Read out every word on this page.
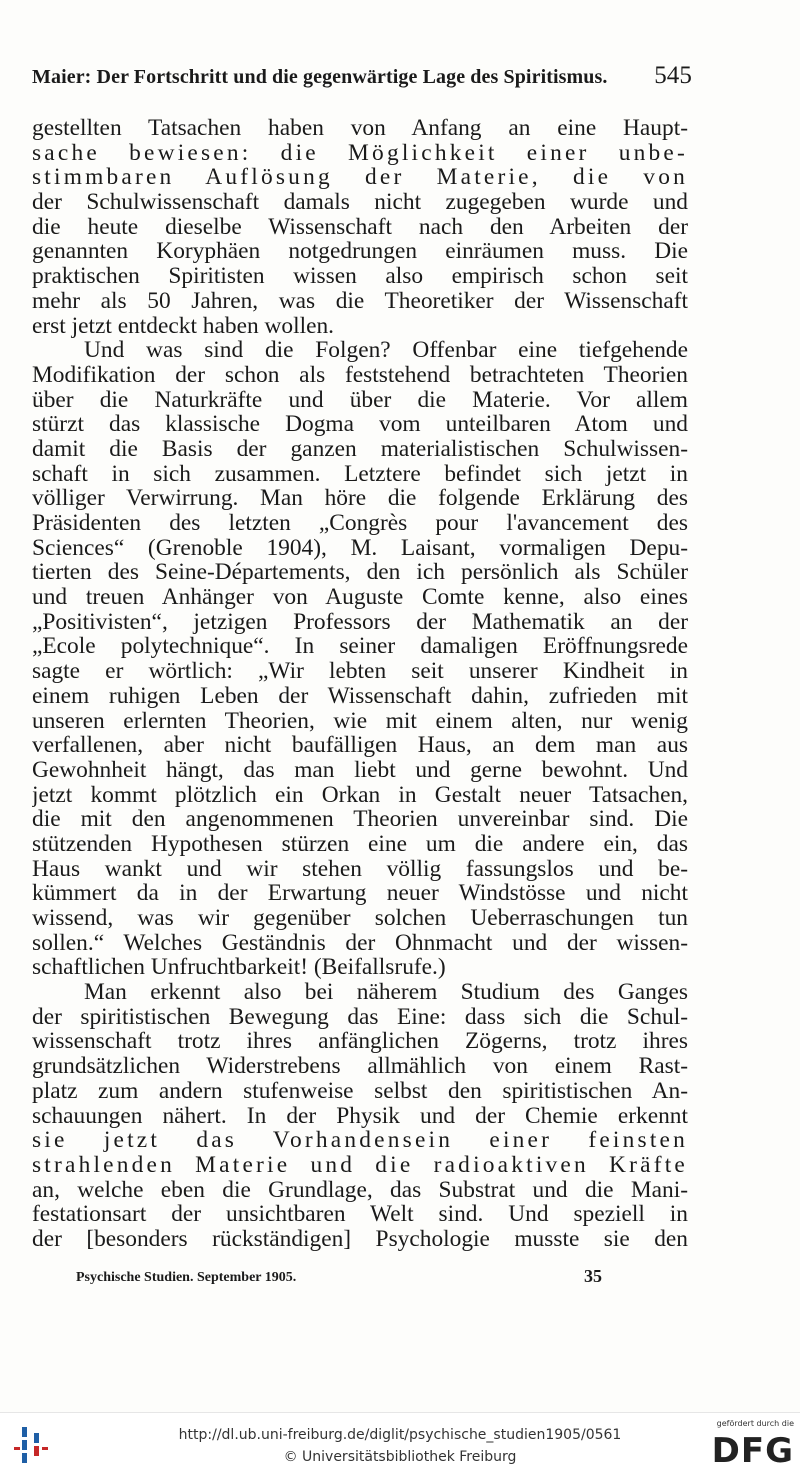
Maier: Der Fortschritt und die gegenwärtige Lage des Spiritismus. 545
gestellten Tatsachen haben von Anfang an eine Haupt-
sache bewiesen: die Möglichkeit einer unbe-
stimmbaren Auflösung der Materie, die von
der Schulwissenschaft damals nicht zugegeben wurde und
die heute dieselbe Wissenschaft nach den Arbeiten der
genannten Koryphäen notgedrungen einräumen muss. Die
praktischen Spiritisten wissen also empirisch schon seit
mehr als 50 Jahren, was die Theoretiker der Wissenschaft
erst jetzt entdeckt haben wollen.
Und was sind die Folgen? Offenbar eine tiefgehende
Modifikation der schon als feststehend betrachteten Theorien
über die Naturkräfte und über die Materie. Vor allem
stürzt das klassische Dogma vom unteilbaren Atom und
damit die Basis der ganzen materialistischen Schulwissen-
schaft in sich zusammen. Letztere befindet sich jetzt in
völliger Verwirrung. Man höre die folgende Erklärung des
Präsidenten des letzten „Congrès pour l'avancement des
Sciences“ (Grenoble 1904), M. Laisant, vormaligen Depu-
tierten des Seine-Départements, den ich persönlich als Schüler
und treuen Anhänger von Auguste Comte kenne, also eines
„Positivisten“, jetzigen Professors der Mathematik an der
„Ecole polytechnique“. In seiner damaligen Eröffnungsrede
sagte er wörtlich: „Wir lebten seit unserer Kindheit in
einem ruhigen Leben der Wissenschaft dahin, zufrieden mit
unseren erlernten Theorien, wie mit einem alten, nur wenig
verfallenen, aber nicht baufälligen Haus, an dem man aus
Gewohnheit hängt, das man liebt und gerne bewohnt. Und
jetzt kommt plötzlich ein Orkan in Gestalt neuer Tatsachen,
die mit den angenommenen Theorien unvereinbar sind. Die
stützenden Hypothesen stürzen eine um die andere ein, das
Haus wankt und wir stehen völlig fassungslos und be-
kümmert da in der Erwartung neuer Windstösse und nicht
wissend, was wir gegenüber solchen Ueberraschungen tun
sollen.“ Welches Geständnis der Ohnmacht und der wissen-
schaftlichen Unfruchtbarkeit! (Beifallsrufe.)
Man erkennt also bei näherem Studium des Ganges
der spiritistischen Bewegung das Eine: dass sich die Schul-
wissenschaft trotz ihres anfänglichen Zögerns, trotz ihres
grundsätzlichen Widerstrebens allmählich von einem Rast-
platz zum andern stufenweise selbst den spiritistischen An-
schauungen nähert. In der Physik und der Chemie erkennt
sie jetzt das Vorhandensein einer feinsten
strahlenden Materie und die radioaktiven Kräfte
an, welche eben die Grundlage, das Substrat und die Mani-
festationsart der unsichtbaren Welt sind. Und speziell in
der [besonders rückständigen] Psychologie musste sie den
Psychische Studien. September 1905.	35
http://dl.ub.uni-freiburg.de/diglit/psychische_studien1905/0561
© Universitätsbibliothek Freiburg
gefördert durch die
DFG
